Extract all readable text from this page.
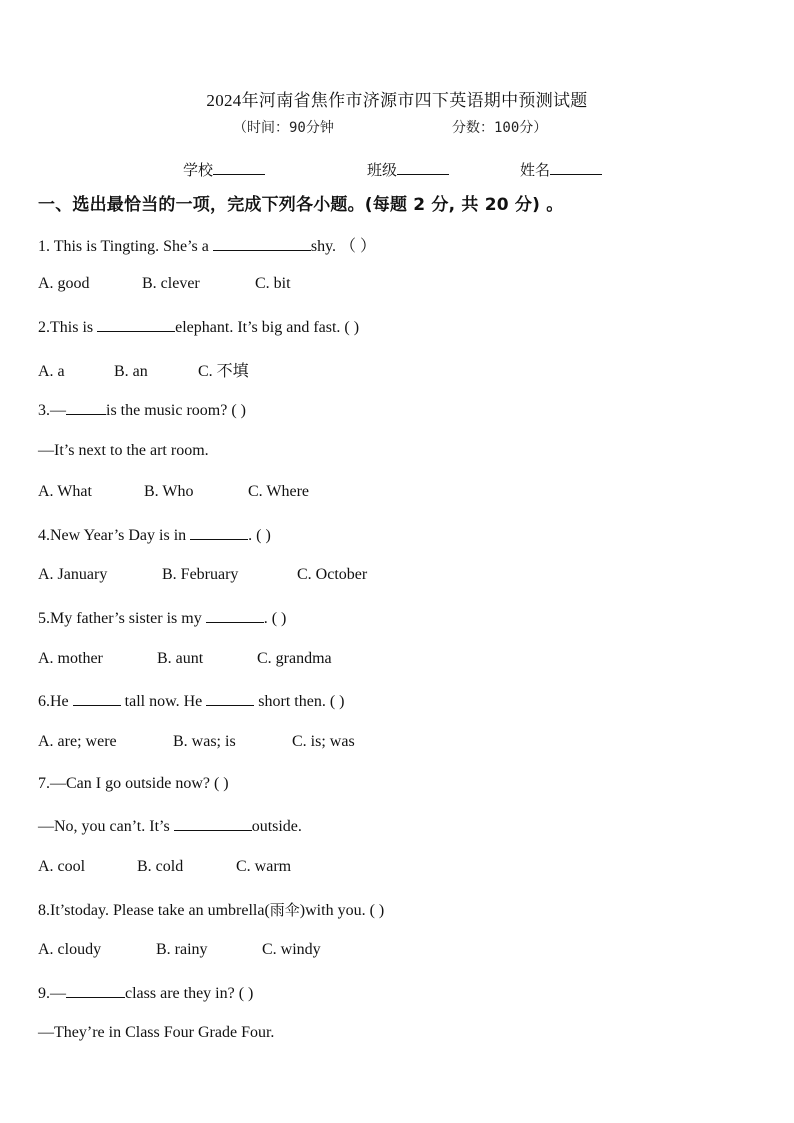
2024年河南省焦作市济源市四下英语期中预测试题
（时间：90分钟	分数：100分）
学校	班级	姓名
一、选出最恰当的一项，完成下列各小题。(每题 2 分, 共 20 分) 。
1. This is Tingting. She’s a	shy. （ ）
A. good	B. clever	C. bit
2.This is	elephant. It’s big and fast. ( )
A. a	B. an	C. 不填
3.—	is the music room? ( )
—It’s next to the art room.
A. What	B. Who	C. Where
4.New Year’s Day is in	. ( )
A. January	B. February	C. October
5.My father’s sister is my	. ( )
A. mother	B. aunt	C. grandma
6.He	tall now. He	short then. ( )
A. are; were	B. was; is	C. is; was
7.—Can I go outside now? ( )
—No, you can’t. It’s	outside.
A. cool	B. cold	C. warm
8.It’stoday. Please take an umbrella(雨伞)with you. ( )
A. cloudy	B. rainy	C. windy
9.—	class are they in? ( )
—They’re in Class Four Grade Four.
